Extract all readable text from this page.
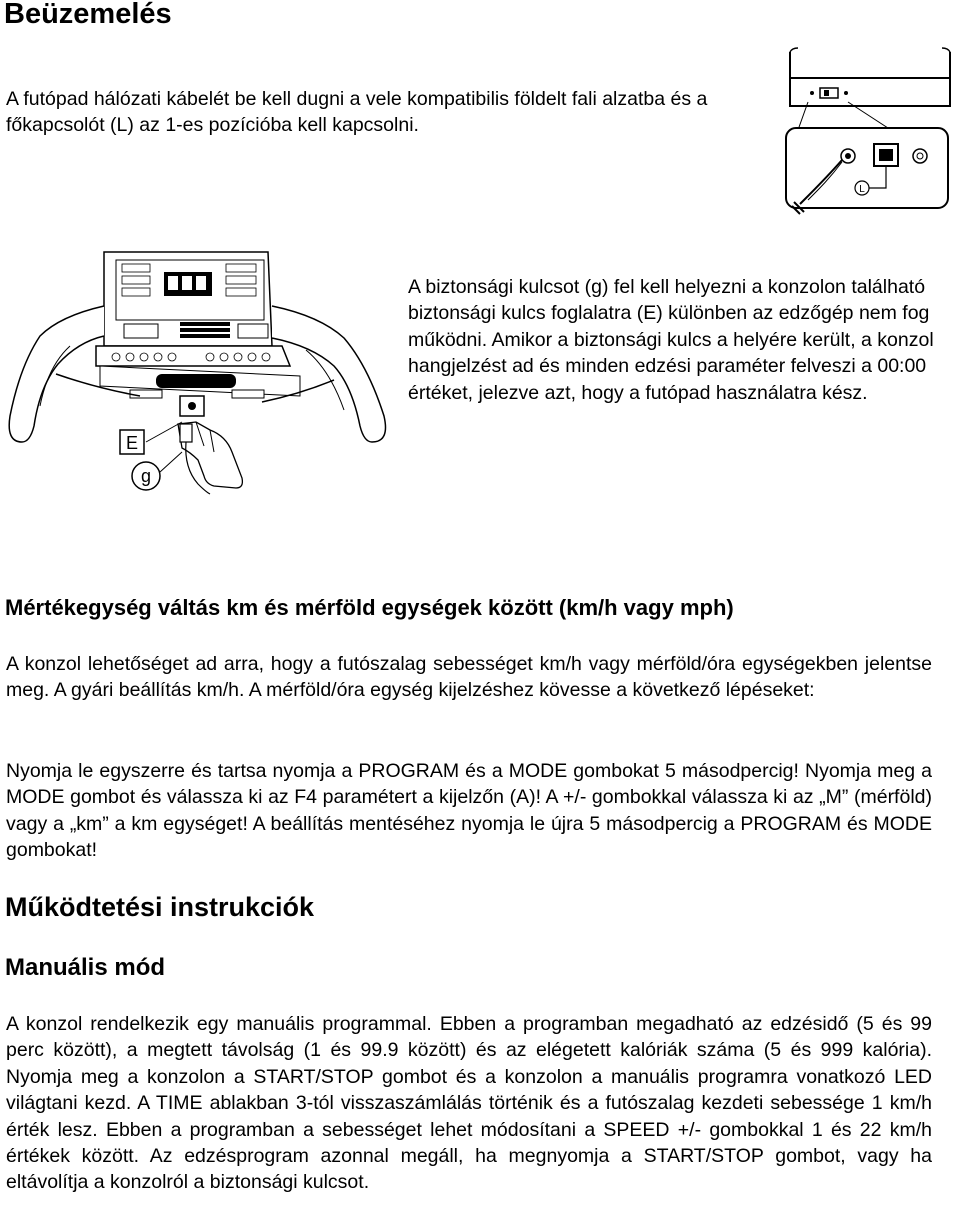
Beüzemelés

A futópad hálózati kábelét be kell dugni a vele kompatibilis földelt fali alzatba és a főkapcsolót (L) az 1-es pozícióba kell kapcsolni.

L
E
g

A biztonsági kulcsot (g) fel kell helyezni a konzolon található biztonsági kulcs foglalatra (E) különben az edzőgép nem fog működni. Amikor a biztonsági kulcs a helyére került, a konzol hangjelzést ad és minden edzési paraméter felveszi a 00:00 értéket, jelezve azt, hogy a futópad használatra kész.

Mértékegység váltás km és mérföld egységek között (km/h vagy mph)

A konzol lehetőséget ad arra, hogy a futószalag sebességet km/h vagy mérföld/óra egységekben jelentse meg. A gyári beállítás km/h. A mérföld/óra egység kijelzéshez kövesse a következő lépéseket:

Nyomja le egyszerre és tartsa nyomja a PROGRAM és a MODE gombokat 5 másodpercig! Nyomja meg a MODE gombot és válassza ki az F4 paramétert a kijelzőn (A)! A +/- gombokkal válassza ki az „M” (mérföld) vagy a „km” a km egységet! A beállítás mentéséhez nyomja le újra 5 másodpercig a PROGRAM és MODE gombokat!

Működtetési instrukciók
Manuális mód

A konzol rendelkezik egy manuális programmal. Ebben a programban megadható az edzésidő (5 és 99 perc között), a megtett távolság (1 és 99.9 között) és az elégetett kalóriák száma (5 és 999 kalória). Nyomja meg a konzolon a START/STOP gombot és a konzolon a manuális programra vonatkozó LED világtani kezd. A TIME ablakban 3-tól visszaszámlálás történik és a futószalag kezdeti sebessége 1 km/h érték lesz. Ebben a programban a sebességet lehet módosítani a SPEED +/- gombokkal 1 és 22 km/h értékek között. Az edzésprogram azonnal megáll, ha megnyomja a START/STOP gombot, vagy ha eltávolítja a konzolról a biztonsági kulcsot.
